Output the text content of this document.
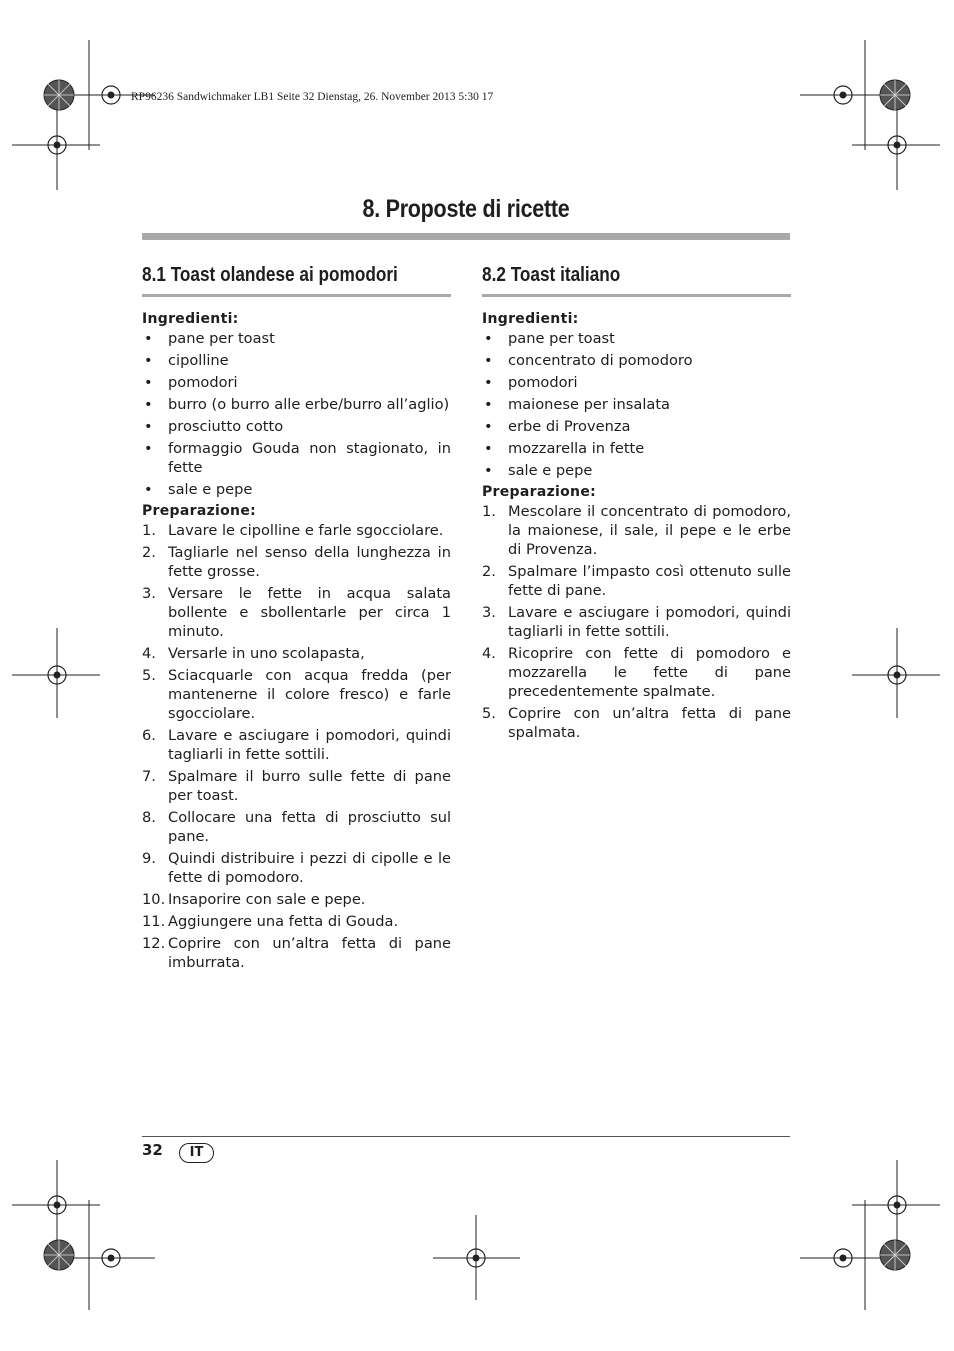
RP96236 Sandwichmaker LB1 Seite 32 Dienstag, 26. November 2013 5:30 17
8. Proposte di ricette
8.1 Toast olandese ai pomodori
Ingredienti:
• pane per toast
• cipolline
• pomodori
• burro (o burro alle erbe/burro all’aglio)
• prosciutto cotto
• formaggio Gouda non stagionato, in fette
• sale e pepe
Preparazione:
1. Lavare le cipolline e farle sgocciolare.
2. Tagliarle nel senso della lunghezza in fette grosse.
3. Versare le fette in acqua salata bollente e sbollentarle per circa 1 minuto.
4. Versarle in uno scolapasta,
5. Sciacquarle con acqua fredda (per mantenerne il colore fresco) e farle sgocciolare.
6. Lavare e asciugare i pomodori, quindi tagliarli in fette sottili.
7. Spalmare il burro sulle fette di pane per toast.
8. Collocare una fetta di prosciutto sul pane.
9. Quindi distribuire i pezzi di cipolle e le fette di pomodoro.
10. Insaporire con sale e pepe.
11. Aggiungere una fetta di Gouda.
12. Coprire con un’altra fetta di pane imburrata.
8.2 Toast italiano
Ingredienti:
• pane per toast
• concentrato di pomodoro
• pomodori
• maionese per insalata
• erbe di Provenza
• mozzarella in fette
• sale e pepe
Preparazione:
1. Mescolare il concentrato di pomodoro, la maionese, il sale, il pepe e le erbe di Provenza.
2. Spalmare l’impasto così ottenuto sulle fette di pane.
3. Lavare e asciugare i pomodori, quindi tagliarli in fette sottili.
4. Ricoprire con fette di pomodoro e mozzarella le fette di pane precedentemente spalmate.
5. Coprire con un’altra fetta di pane spalmata.
32	IT
